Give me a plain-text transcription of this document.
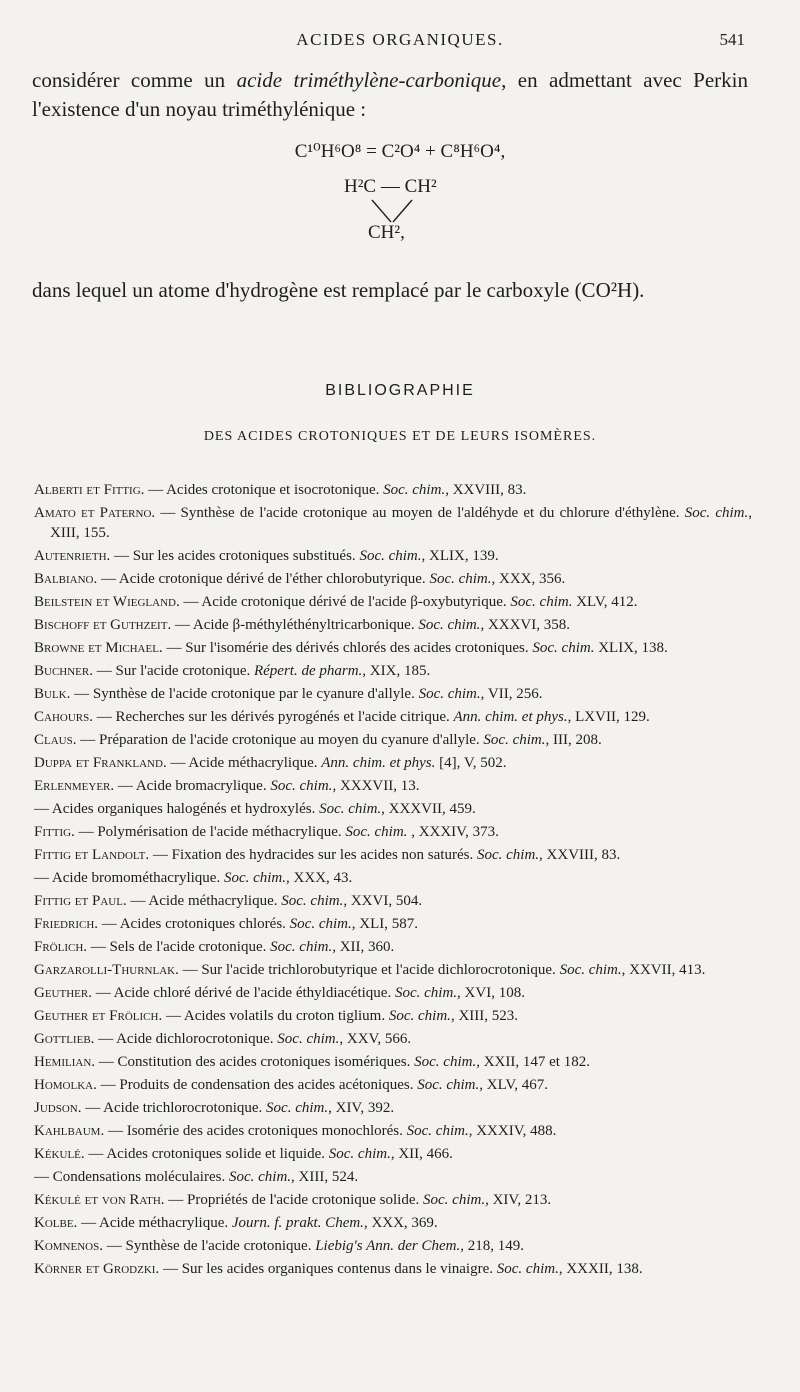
ACIDES ORGANIQUES.	541

considérer comme un acide triméthylène-carbonique, en admettant avec Perkin l'existence d'un noyau triméthylénique :

C¹⁰H⁶O⁸ = C²O⁴ + C⁸H⁶O⁴,
H²C — CH²
CH²,
dans lequel un atome d'hydrogène est remplacé par le carboxyle (CO²H).
BIBLIOGRAPHIE
DES ACIDES CROTONIQUES ET DE LEURS ISOMÈRES.

Alberti et Fittig. — Acides crotonique et isocrotonique. Soc. chim., XXVIII, 83.

Amato et Paterno. — Synthèse de l'acide crotonique au moyen de l'aldéhyde et du chlorure d'éthylène. Soc. chim., XIII, 155.

Autenrieth. — Sur les acides crotoniques substitués. Soc. chim., XLIX, 139.

Balbiano. — Acide crotonique dérivé de l'éther chlorobutyrique. Soc. chim., XXX, 356.

Beilstein et Wiegland. — Acide crotonique dérivé de l'acide β-oxybutyrique. Soc. chim. XLV, 412.

Bischoff et Guthzeit. — Acide β-méthyléthényltricarbonique. Soc. chim., XXXVI, 358.

Browne et Michael. — Sur l'isomérie des dérivés chlorés des acides crotoniques. Soc. chim. XLIX, 138.

Buchner. — Sur l'acide crotonique. Répert. de pharm., XIX, 185.

Bulk. — Synthèse de l'acide crotonique par le cyanure d'allyle. Soc. chim., VII, 256.

Cahours. — Recherches sur les dérivés pyrogénés et l'acide citrique. Ann. chim. et phys., LXVII, 129.

Claus. — Préparation de l'acide crotonique au moyen du cyanure d'allyle. Soc. chim., III, 208.

Duppa et Frankland. — Acide méthacrylique. Ann. chim. et phys. [4], V, 502.

Erlenmeyer. — Acide bromacrylique. Soc. chim., XXXVII, 13.

— Acides organiques halogénés et hydroxylés. Soc. chim., XXXVII, 459.

Fittig. — Polymérisation de l'acide méthacrylique. Soc. chim. , XXXIV, 373.

Fittig et Landolt. — Fixation des hydracides sur les acides non saturés. Soc. chim., XXVIII, 83.

— Acide bromométhacrylique. Soc. chim., XXX, 43.

Fittig et Paul. — Acide méthacrylique. Soc. chim., XXVI, 504.

Friedrich. — Acides crotoniques chlorés. Soc. chim., XLI, 587.

Frölich. — Sels de l'acide crotonique. Soc. chim., XII, 360.

Garzarolli-Thurnlak. — Sur l'acide trichlorobutyrique et l'acide dichlorocrotonique. Soc. chim., XXVII, 413.

Geuther. — Acide chloré dérivé de l'acide éthyldiacétique. Soc. chim., XVI, 108.

Geuther et Frölich. — Acides volatils du croton tiglium. Soc. chim., XIII, 523.

Gottlieb. — Acide dichlorocrotonique. Soc. chim., XXV, 566.

Hemilian. — Constitution des acides crotoniques isomériques. Soc. chim., XXII, 147 et 182.

Homolka. — Produits de condensation des acides acétoniques. Soc. chim., XLV, 467.

Judson. — Acide trichlorocrotonique. Soc. chim., XIV, 392.

Kahlbaum. — Isomérie des acides crotoniques monochlorés. Soc. chim., XXXIV, 488.

Kékulé. — Acides crotoniques solide et liquide. Soc. chim., XII, 466.

— Condensations moléculaires. Soc. chim., XIII, 524.

Kékulé et von Rath. — Propriétés de l'acide crotonique solide. Soc. chim., XIV, 213.

Kolbe. — Acide méthacrylique. Journ. f. prakt. Chem., XXX, 369.

Komnenos. — Synthèse de l'acide crotonique. Liebig's Ann. der Chem., 218, 149.

Körner et Grodzki. — Sur les acides organiques contenus dans le vinaigre. Soc. chim., XXXII, 138.
